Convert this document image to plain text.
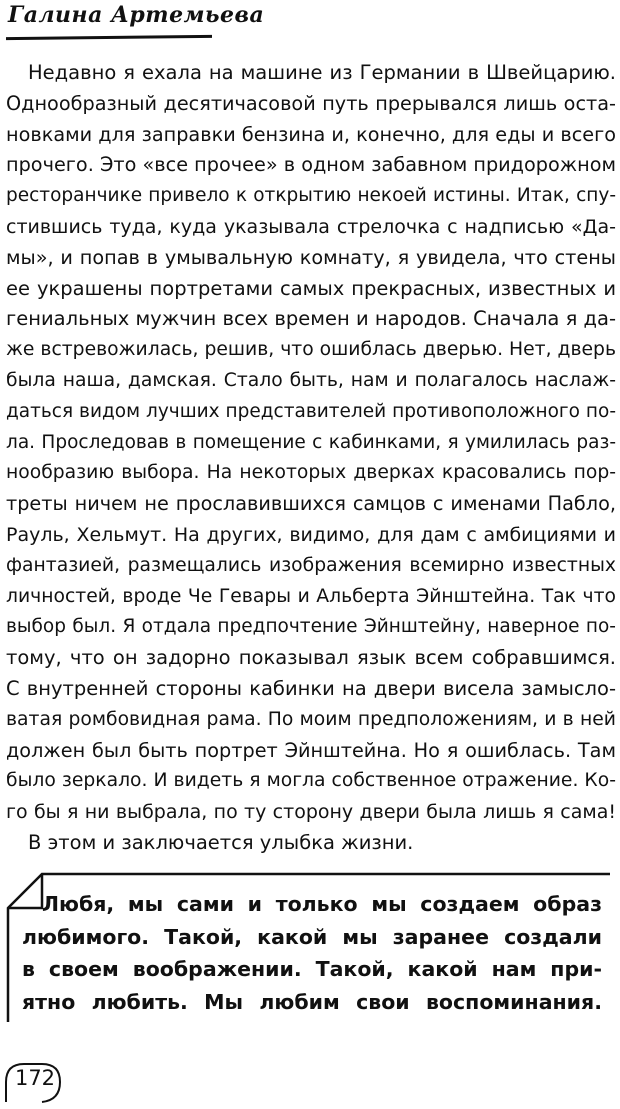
Галина Артемьева
Недавно я ехала на машине из Германии в Швейцарию.
Однообразный десятичасовой путь прерывался лишь оста-
новками для заправки бензина и, конечно, для еды и всего
прочего. Это «все прочее» в одном забавном придорожном
ресторанчике привело к открытию некоей истины. Итак, спу-
стившись туда, куда указывала стрелочка с надписью «Да-
мы», и попав в умывальную комнату, я увидела, что стены
ее украшены портретами самых прекрасных, известных и
гениальных мужчин всех времен и народов. Сначала я да-
же встревожилась, решив, что ошиблась дверью. Нет, дверь
была наша, дамская. Стало быть, нам и полагалось наслаж-
даться видом лучших представителей противоположного по-
ла. Проследовав в помещение с кабинками, я умилилась раз-
нообразию выбора. На некоторых дверках красовались пор-
треты ничем не прославившихся самцов с именами Пабло,
Рауль, Хельмут. На других, видимо, для дам с амбициями и
фантазией, размещались изображения всемирно известных
личностей, вроде Че Гевары и Альберта Эйнштейна. Так что
выбор был. Я отдала предпочтение Эйнштейну, наверное по-
тому, что он задорно показывал язык всем собравшимся.
С внутренней стороны кабинки на двери висела замысло-
ватая ромбовидная рама. По моим предположениям, и в ней
должен был быть портрет Эйнштейна. Но я ошиблась. Там
было зеркало. И видеть я могла собственное отражение. Ко-
го бы я ни выбрала, по ту сторону двери была лишь я сама!
В этом и заключается улыбка жизни.
Любя, мы сами и только мы создаем образ
любимого. Такой, какой мы заранее создали
в своем воображении. Такой, какой нам при-
ятно любить. Мы любим свои воспоминания.
172
